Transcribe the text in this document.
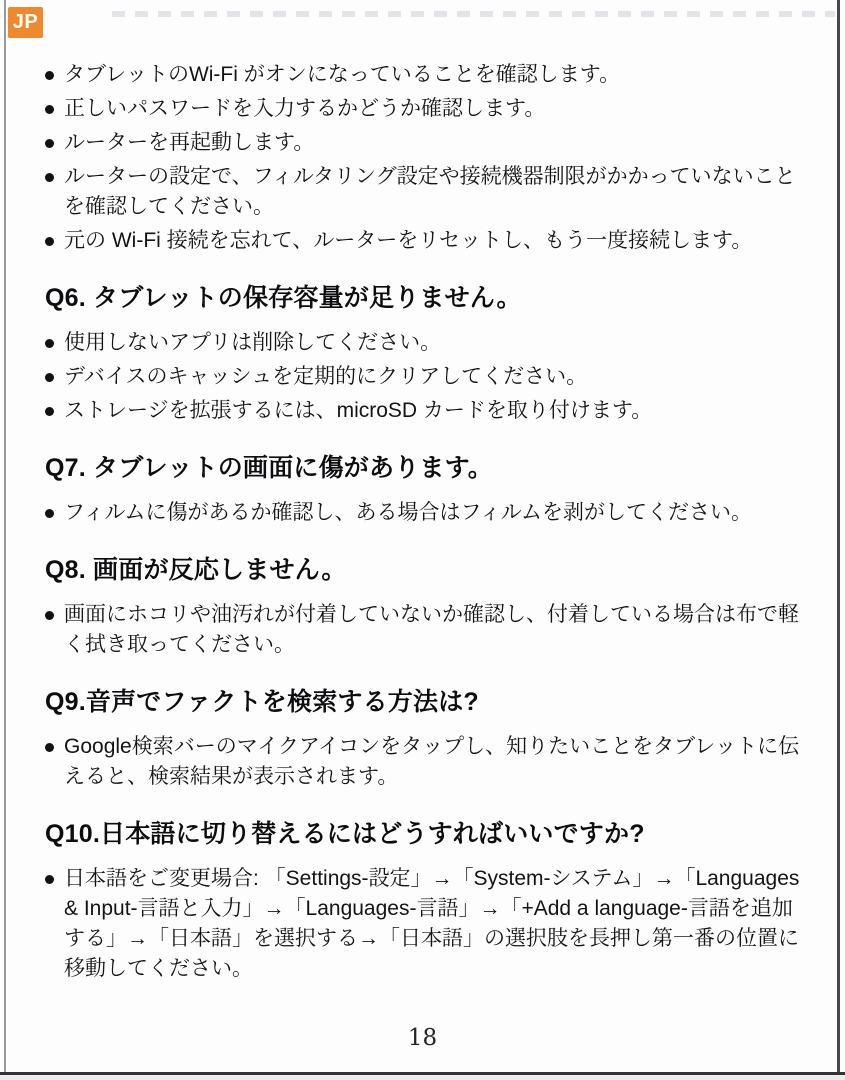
JP
タブレットのWi-Fi がオンになっていることを確認します。
正しいパスワードを入力するかどうか確認します。
ルーターを再起動します。
ルーターの設定で、フィルタリング設定や接続機器制限がかかっていないことを確認してください。
元の Wi-Fi 接続を忘れて、ルーターをリセットし、もう一度接続します。
Q6. タブレットの保存容量が足りません。
使用しないアプリは削除してください。
デバイスのキャッシュを定期的にクリアしてください。
ストレージを拡張するには、microSD カードを取り付けます。
Q7. タブレットの画面に傷があります。
フィルムに傷があるか確認し、ある場合はフィルムを剥がしてください。
Q8. 画面が反応しません。
画面にホコリや油汚れが付着していないか確認し、付着している場合は布で軽く拭き取ってください。
Q9.音声でファクトを検索する方法は?
Google検索バーのマイクアイコンをタップし、知りたいことをタブレットに伝えると、検索結果が表示されます。
Q10.日本語に切り替えるにはどうすればいいですか?
日本語をご変更場合: 「Settings-設定」→「System-システム」→「Languages & Input-言語と入力」→「Languages-言語」→「+Add a language-言語を追加する」→「日本語」を選択する→「日本語」の選択肢を長押し第一番の位置に移動してください。
18
